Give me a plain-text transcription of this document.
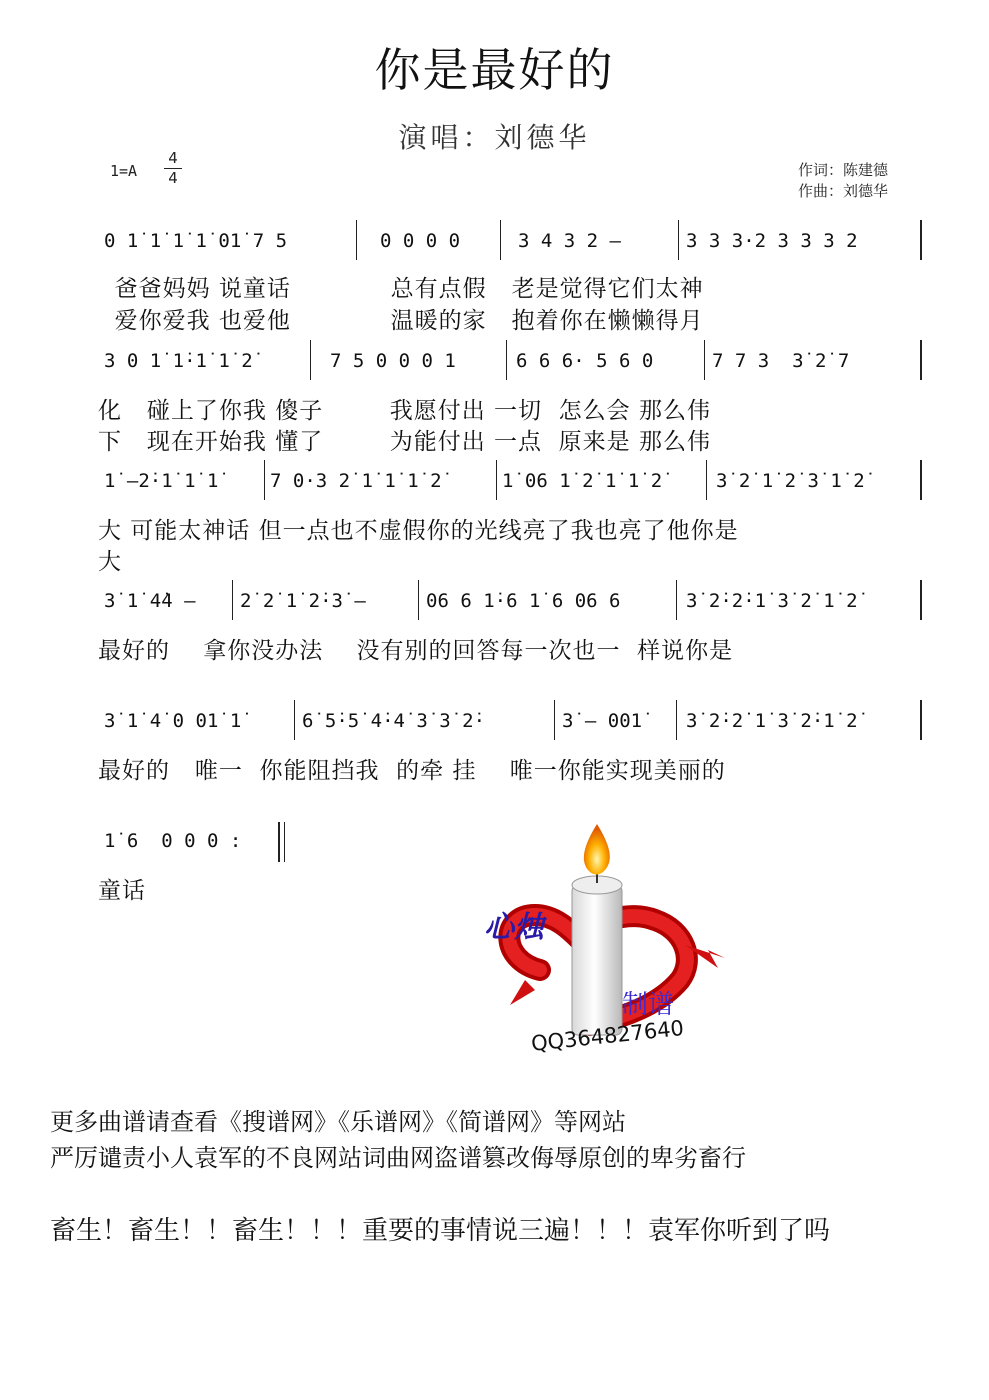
你是最好的
演唱：刘德华
1=A
4
4	作词：陈建德
作曲：刘德华
0 1̇ 1̇ 1̇ 1̇ 01̇ 7 5	0 0 0 0	3 4 3 2 –	3 3 3·2 3 3 3 2
爸爸妈妈 说童话            总有点假   老是觉得它们太神
爱你爱我 也爱他            温暖的家   抱着你在懒懒得月
3 0 1̇ 1̇·1̇ 1̇ 2̇	7 5 0 0 0 1	6 6 6· 5 6 0	7 7 3  3̇ 2̇ 7
化   碰上了你我 傻子        我愿付出 一切  怎么会 那么伟
下   现在开始我 懂了        为能付出 一点  原来是 那么伟
1̇ –2̇·1̇ 1̇ 1̇	7 0·3 2̇ 1̇ 1̇ 1̇ 2̇	1̇ 06 1̇ 2̇ 1̇ 1̇ 2̇	3̇ 2̇ 1̇ 2̇ 3̇ 1̇ 2̇
大 可能太神话 但一点也不虚假你的光线亮了我也亮了他你是
大
3̇ 1̇ 4̇4 – 2̇ 2̇ 1̇ 2̇·3̇ –	06 6 1̇·6 1̇ 6 06 6	3̇ 2̇·2̇·1̇ 3̇ 2̇ 1̇ 2̇
最好的    拿你没办法    没有别的回答每一次也一  样说你是
3̇ 1̇ 4̇ 0 01̇ 1̇	6̇ 5̇·5̇ 4̇·4̇ 3̇ 3̇ 2̇·	3̇ – 001̇ 3̇ 2̇·2̇ 1̇ 3̇ 2̇·1̇ 2̇
最好的   唯一  你能阻挡我  的牵 挂    唯一你能实现美丽的
1̇ 6  0 0 0 :
童话
心烛
制谱
QQ364827640
更多曲谱请查看《搜谱网》《乐谱网》《简谱网》等网站
严厉谴责小人袁军的不良网站词曲网盗谱篡改侮辱原创的卑劣畜行
畜生！畜生！！畜生！！！重要的事情说三遍！！！袁军你听到了吗
